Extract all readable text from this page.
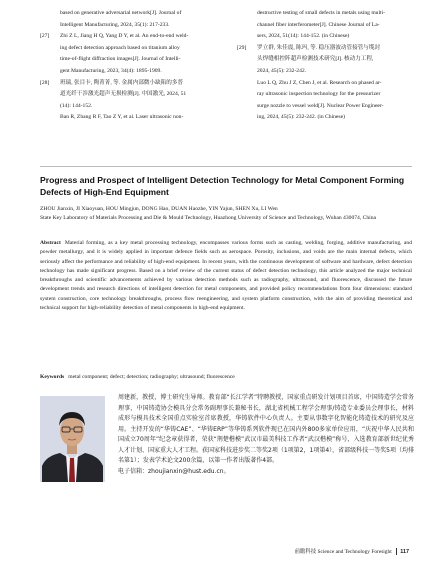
based on generative adversarial network[J]. Journal of
Intelligent Manufacturing, 2024, 35(1): 217-233.
[27] Zhi Z L, Jiang H Q, Yang D Y, et al. An end-to-end weld-
ing defect detection approach based on titanium alloy
time-of-flight diffraction images[J]. Journal of Intelli-
gent Manufacturing, 2023, 34(4): 1895-1909.
[28] 班瑞, 张目卡, 陶菁菁, 等. 金属内部微小缺陷的多普
道光纤干涉激光超声无损检测[J]. 中国激光, 2024, 51
(14): 144-152.
Ban R, Zhang R F, Tao Z Y, et al. Laser ultrasonic non-
destructive testing of small defects in metals using multi-
channel fiber interferometer[J]. Chinese Journal of La-
sers, 2024, 51(14): 144-152. (in Chinese)
[29] 罗立群, 朱佳震, 陈玛, 等. 稳压器波动管接管与缆封
头焊缝相控阵超声检测技术研究[J]. 核动力工程,
2024, 45(5): 232-242.
Luo L Q, Zhu J Z, Chen J, et al. Research on phased ar-
ray ultrasonic inspection technology for the pressurizer
surge nozzle to vessel weld[J]. Nuclear Power Engineer-
ing, 2024, 45(5): 232-242. (in Chinese)
Progress and Prospect of Intelligent Detection Technology for Metal Component Forming Defects of High-End Equipment

ZHOU Jianxin, JI Xiaoyuan, HOU Mingjun, DONG Hao, DUAN Haozhe, YIN Yajun, SHEN Xu, LI Wen

State Key Laboratory of Materials Processing and Die & Mould Technology, Huazhong University of Science and Technology, Wuhan 430074, China

Abstract Material forming, as a key metal processing technology, encompasses various forms such as casting, welding, forging, additive manufacturing, and powder metallurgy, and it is widely applied in important defence fields such as aerospace. Porosity, inclusions, and voids are the main internal defects, which seriously affect the performance and reliability of high-end equipment. In recent years, with the continuous development of software and hardware, defect detection technology has made significant progress. Based on a brief review of the current status of defect detection technology, this article analyzed the major technical breakthroughs and scientific advancements achieved by various detection methods such as radiography, ultrasound, and fluorescence, discussed the future development trends and research directions of intelligent detection for metal components, and provided policy recommendations from four dimensions: standard system construction, core technology breakthroughs, process flow reengineering, and system platform construction, with the aim of providing theoretical and technical support for high-reliability detection of metal components in high-end equipment.

Keywords metal component; defect; detection; radiography; ultrasound; fluorescence

周建新，教授，博士研究生导师。教育部“长江学者”特聘教授，国家重点研发计划项目首席，中国铸造学会常务理事，中国铸造协会模具分会常务副理事长兼秘书长，湖北省机械工程学会理事/铸造专业委员会理事长，材料成形与模具技术全国重点实验室首席教授，华铸软件中心负责人。主要从事数字化智能化铸造技术的研究及应用。主持开发的“华铸CAE”、“华铸ERP”等华铸系列软件现已在国内外800多家单位应用，“庆祝中华人民共和国成立70周年”纪念章获得者，荣获“荆楚楷模”武汉市最美科技工作者“武汉楷模”称号，入选教育部新世纪优秀人才计划、国家重大人才工程。获国家科技进步奖二等奖2项（1项第2，1项第4），省部级科技一等奖5项（均排名第1）；发表学术论文200余篇，以第一作者出版著作4部。
电子信箱：zhoujianxin@hust.edu.cn。

前瞻科技 Science and Technology Foresight 117
